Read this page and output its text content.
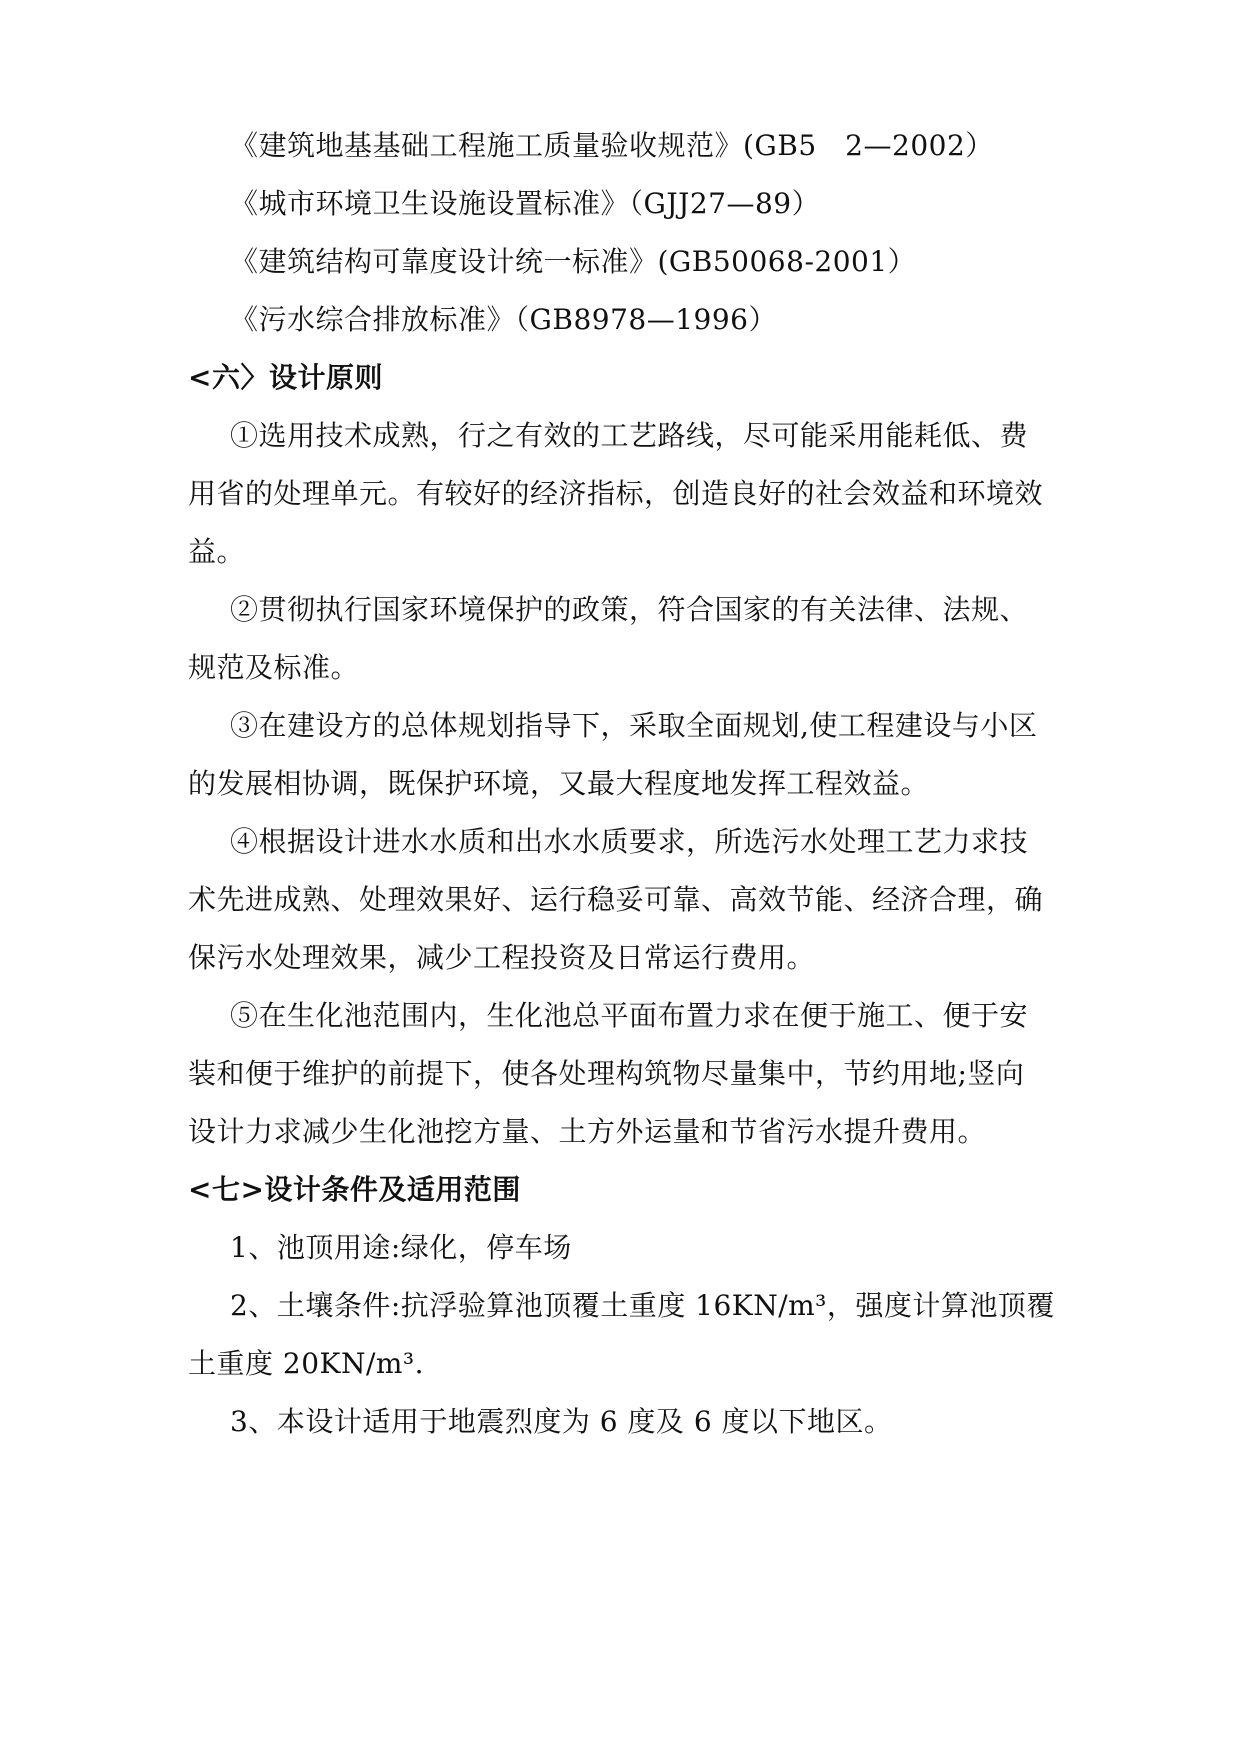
《建筑地基基础工程施工质量验收规范》(GB5　2—2002）
《城市环境卫生设施设置标准》（GJJ27—89）
《建筑结构可靠度设计统一标准》(GB50068-2001）
《污水综合排放标准》（GB8978—1996）
<六〉设计原则
①选用技术成熟，行之有效的工艺路线，尽可能采用能耗低、费
用省的处理单元。有较好的经济指标，创造良好的社会效益和环境效
益。
②贯彻执行国家环境保护的政策，符合国家的有关法律、法规、
规范及标准。
③在建设方的总体规划指导下，采取全面规划,使工程建设与小区
的发展相协调，既保护环境，又最大程度地发挥工程效益。
④根据设计进水水质和出水水质要求，所选污水处理工艺力求技
术先进成熟、处理效果好、运行稳妥可靠、高效节能、经济合理，确
保污水处理效果，减少工程投资及日常运行费用。
⑤在生化池范围内，生化池总平面布置力求在便于施工、便于安
装和便于维护的前提下，使各处理构筑物尽量集中，节约用地;竖向
设计力求减少生化池挖方量、土方外运量和节省污水提升费用。
<七>设计条件及适用范围
1、池顶用途:绿化，停车场
2、土壤条件:抗浮验算池顶覆土重度 16KN/m³，强度计算池顶覆
土重度 20KN/m³.
3、本设计适用于地震烈度为 6 度及 6 度以下地区。
